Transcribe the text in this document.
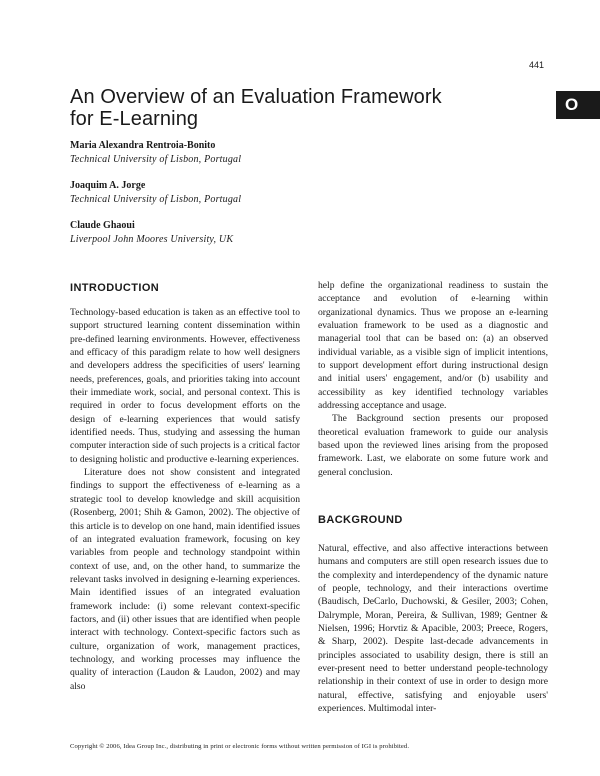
441
O
An Overview of an Evaluation Framework
for E-Learning
Maria Alexandra Rentroia-Bonito
Technical University of Lisbon, Portugal
Joaquim A. Jorge
Technical University of Lisbon, Portugal
Claude Ghaoui
Liverpool John Moores University, UK
INTRODUCTION

Technology-based education is taken as an effective tool to support structured learning content dissemination within pre-defined learning environments. However, effectiveness and efficacy of this paradigm relate to how well designers and developers address the specificities of users' learning needs, preferences, goals, and priorities taking into account their immediate work, social, and personal context. This is required in order to focus development efforts on the design of e-learning experiences that would satisfy identified needs. Thus, studying and assessing the human computer interaction side of such projects is a critical factor to designing holistic and productive e-learning experiences.

Literature does not show consistent and integrated findings to support the effectiveness of e-learning as a strategic tool to develop knowledge and skill acquisition (Rosenberg, 2001; Shih & Gamon, 2002). The objective of this article is to develop on one hand, main identified issues of an integrated evaluation framework, focusing on key variables from people and technology standpoint within context of use, and, on the other hand, to summarize the relevant tasks involved in designing e-learning experiences. Main identified issues of an integrated evaluation framework include: (i) some relevant context-specific factors, and (ii) other issues that are identified when people interact with technology. Context-specific factors such as culture, organization of work, management practices, technology, and working processes may influence the quality of interaction (Laudon & Laudon, 2002) and may also

help define the organizational readiness to sustain the acceptance and evolution of e-learning within organizational dynamics. Thus we propose an e-learning evaluation framework to be used as a diagnostic and managerial tool that can be based on: (a) an observed individual variable, as a visible sign of implicit intentions, to support development effort during instructional design and initial users' engagement, and/or (b) usability and accessibility as key identified technology variables addressing acceptance and usage.

The Background section presents our proposed theoretical evaluation framework to guide our analysis based upon the reviewed lines arising from the proposed framework. Last, we elaborate on some future work and general conclusion.

BACKGROUND

Natural, effective, and also affective interactions between humans and computers are still open research issues due to the complexity and interdependency of the dynamic nature of people, technology, and their interactions overtime (Baudisch, DeCarlo, Duchowski, & Gesiler, 2003; Cohen, Dalrymple, Moran, Pereira, & Sullivan, 1989; Gentner & Nielsen, 1996; Horvtiz & Apacible, 2003; Preece, Rogers, & Sharp, 2002). Despite last-decade advancements in principles associated to usability design, there is still an ever-present need to better understand people-technology relationship in their context of use in order to design more natural, effective, satisfying and enjoyable users' experiences. Multimodal inter-

Copyright © 2006, Idea Group Inc., distributing in print or electronic forms without written permission of IGI is prohibited.
